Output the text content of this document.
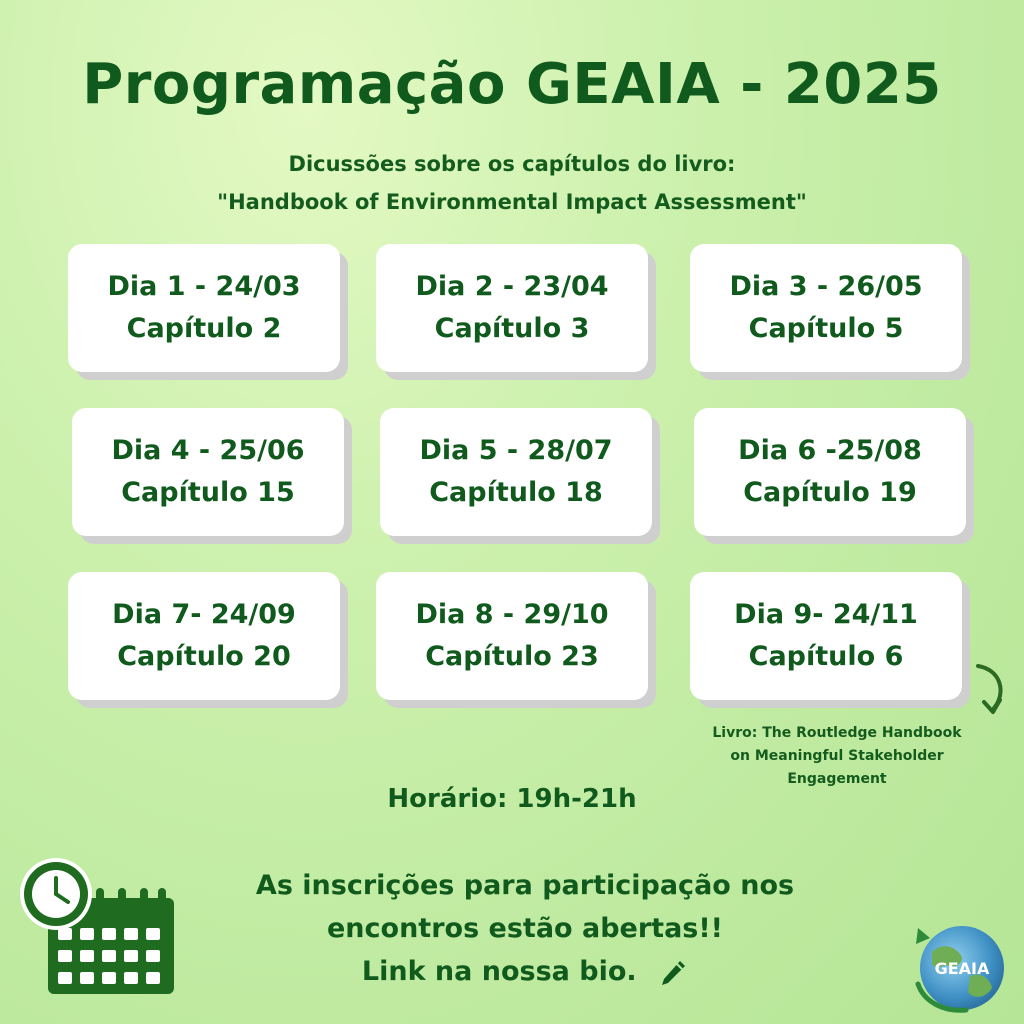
Programação GEAIA - 2025
Dicussões sobre os capítulos do livro:
"Handbook of Environmental Impact Assessment"
Dia 1 - 24/03
Capítulo 2
Dia 2 - 23/04
Capítulo 3
Dia 3 - 26/05
Capítulo 5
Dia 4 - 25/06
Capítulo 15
Dia 5 - 28/07
Capítulo 18
Dia 6 -25/08
Capítulo 19
Dia 7- 24/09
Capítulo 20
Dia 8 - 29/10
Capítulo 23
Dia 9- 24/11
Capítulo 6
Livro: The Routledge Handbook
on Meaningful Stakeholder
Engagement
Horário: 19h-21h
As inscrições para participação nos
encontros estão abertas!!
Link na nossa bio.	GEAIA
